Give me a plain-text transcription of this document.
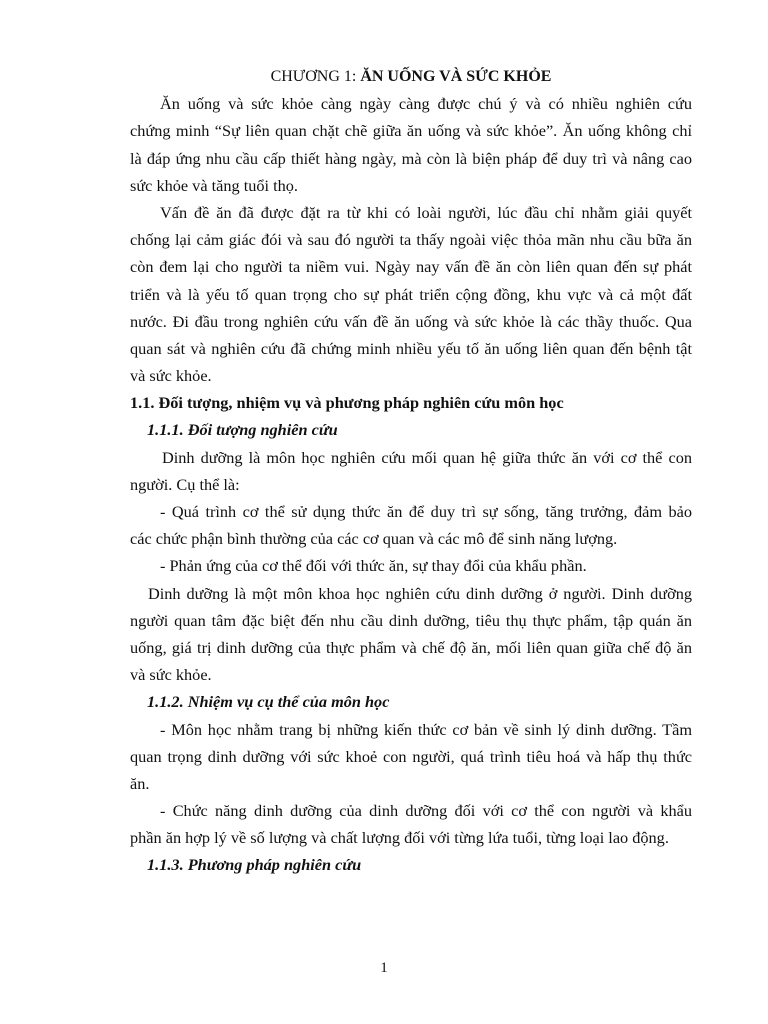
CHƯƠNG 1: ĂN UỐNG VÀ SỨC KHỎE
Ăn uống và sức khỏe càng ngày càng được chú ý và có nhiều nghiên cứu
chứng minh “Sự liên quan chặt chẽ giữa ăn uống và sức khỏe”. Ăn uống không chỉ
là đáp ứng nhu cầu cấp thiết hàng ngày, mà còn là biện pháp để duy trì và nâng cao
sức khỏe và tăng tuổi thọ.
Vấn đề ăn đã được đặt ra từ khi có loài người, lúc đầu chỉ nhằm giải quyết
chống lại cảm giác đói và sau đó người ta thấy ngoài việc thỏa mãn nhu cầu bữa ăn
còn đem lại cho người ta niềm vui. Ngày nay vấn đề ăn còn liên quan đến sự phát
triển và là yếu tố quan trọng cho sự phát triển cộng đồng, khu vực và cả một đất
nước. Đi đầu trong nghiên cứu vấn đề ăn uống và sức khỏe là các thầy thuốc. Qua
quan sát và nghiên cứu đã chứng minh nhiều yếu tố ăn uống liên quan đến bệnh tật
và sức khỏe.
1.1. Đối tượng, nhiệm vụ và phương pháp nghiên cứu môn học
1.1.1. Đối tượng nghiên cứu
Dinh dưỡng là môn học nghiên cứu mối quan hệ giữa thức ăn với cơ thể con
người. Cụ thể là:
- Quá trình cơ thể sử dụng thức ăn để duy trì sự sống, tăng trưởng, đảm bảo
các chức phận bình thường của các cơ quan và các mô để sinh năng lượng.
- Phản ứng của cơ thể đối với thức ăn, sự thay đổi của khẩu phần.
Dinh dưỡng là một môn khoa học nghiên cứu dinh dưỡng ở người. Dinh dưỡng
người quan tâm đặc biệt đến nhu cầu dinh dưỡng, tiêu thụ thực phẩm, tập quán ăn
uống, giá trị dinh dưỡng của thực phẩm và chế độ ăn, mối liên quan giữa chế độ ăn
và sức khỏe.
1.1.2. Nhiệm vụ cụ thể của môn học
- Môn học nhằm trang bị những kiến thức cơ bản về sinh lý dinh dưỡng. Tầm
quan trọng dinh dưỡng với sức khoẻ con người, quá trình tiêu hoá và hấp thụ thức
ăn.
- Chức năng dinh dưỡng của dinh dưỡng đối với cơ thể con người và khẩu
phần ăn hợp lý về số lượng và chất lượng đối với từng lứa tuổi, từng loại lao động.
1.1.3. Phương pháp nghiên cứu
1
